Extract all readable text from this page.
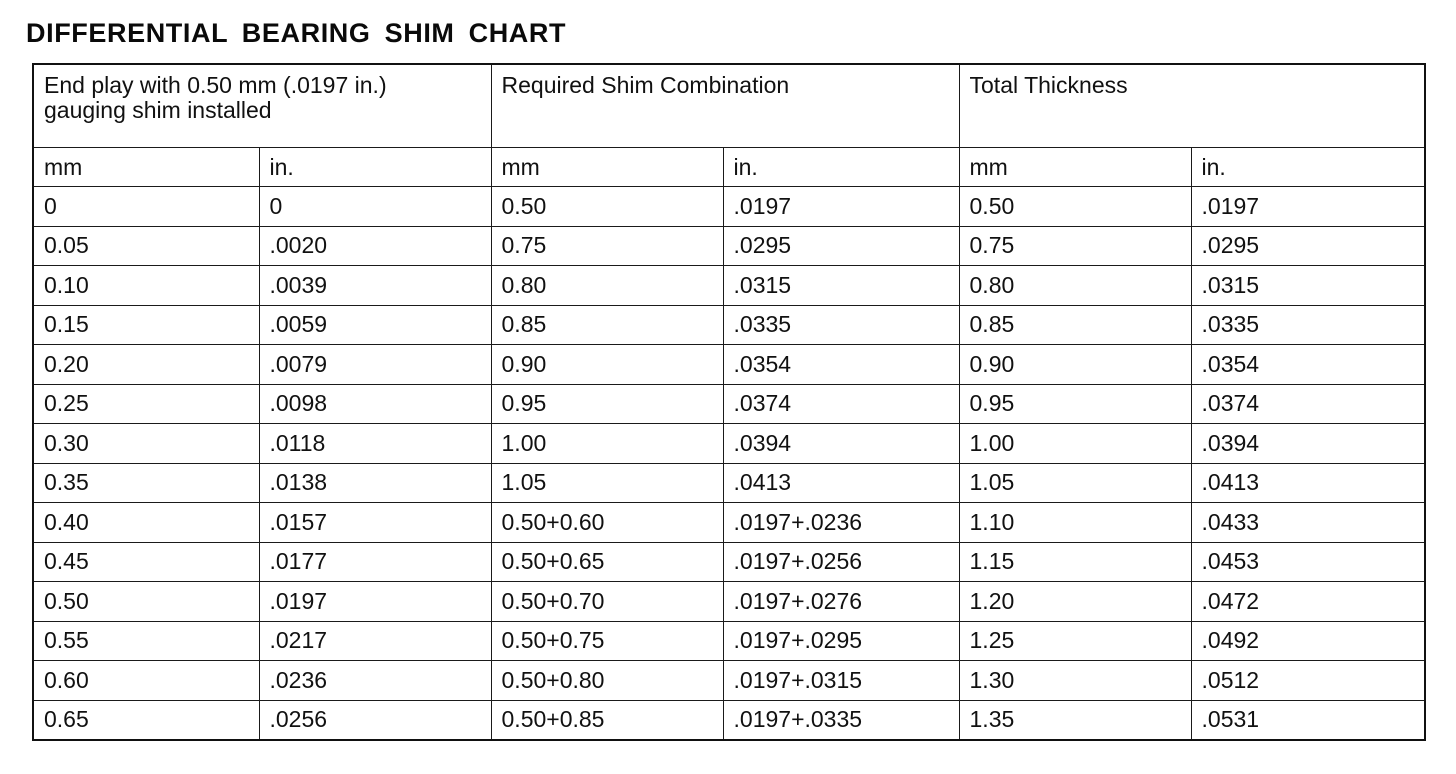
DIFFERENTIAL BEARING SHIM CHART
End play with 0.50 mm (.0197 in.)
gauging shim installed		Required Shim Combination		Total Thickness	
mm	in.	mm	in.	mm	in.
0	0	0.50	.0197	0.50	.0197
0.05	.0020	0.75	.0295	0.75	.0295
0.10	.0039	0.80	.0315	0.80	.0315
0.15	.0059	0.85	.0335	0.85	.0335
0.20	.0079	0.90	.0354	0.90	.0354
0.25	.0098	0.95	.0374	0.95	.0374
0.30	.0118	1.00	.0394	1.00	.0394
0.35	.0138	1.05	.0413	1.05	.0413
0.40	.0157	0.50+0.60	.0197+.0236	1.10	.0433
0.45	.0177	0.50+0.65	.0197+.0256	1.15	.0453
0.50	.0197	0.50+0.70	.0197+.0276	1.20	.0472
0.55	.0217	0.50+0.75	.0197+.0295	1.25	.0492
0.60	.0236	0.50+0.80	.0197+.0315	1.30	.0512
0.65	.0256	0.50+0.85	.0197+.0335	1.35	.0531
